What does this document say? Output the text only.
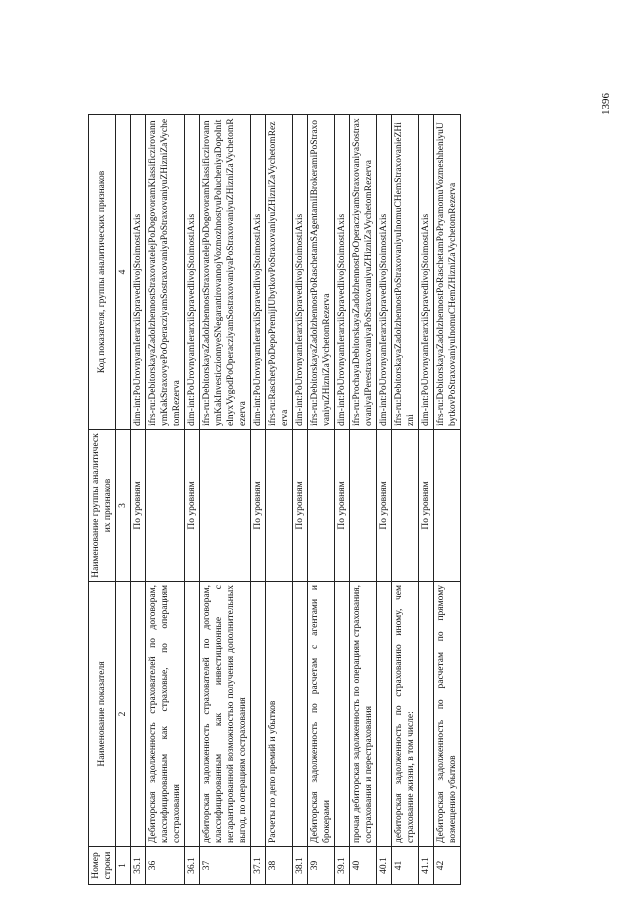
Номер строки	Наименование показателя	Наименование группы аналитических признаков	Код показателя, группы аналитических признаков
1	2	3	4
35.1		По уровням	dim-int:PoUrovnyamIerarxiiSpravedlivojStoimostiAxis
36	Дебиторская задолженность страхователей по договорам, классифицированным как страховые, по операциям сострахования		ifrs-ru:DebitorskayaZadolzhennostStraxovatelejPoDogovoramKlassificzirovannymKakStraxovyePoOperacziyamSostraxovaniyaPoStraxovaniyuZHizniZaVychetomRezerva
36.1		По уровням	dim-int:PoUrovnyamIerarxiiSpravedlivojStoimostiAxis
37	дебиторская задолженность страхователей по договорам, классифицированным как инвестиционные с негарантированной возможностью получения дополнительных выгод, по операциям сострахования		ifrs-ru:DebitorskayaZadolzhennostStraxovatelejPoDogovoramKlassificzirovannymKakInvesticzionnyeSNegarantirovannojVozmozhnostyuPolucheniyaDopolnitelnyxVygodPoOperacziyamSostraxovaniyaPoStraxovaniyuZHizniZaVychetomRezerva
37.1		По уровням	dim-int:PoUrovnyamIerarxiiSpravedlivojStoimostiAxis
38	Расчеты по депо премий и убытков		ifrs-ru:RaschetyPoDepoPremijIUbytkovPoStraxovaniyuZHizniZaVychetomRezerva
38.1		По уровням	dim-int:PoUrovnyamIerarxiiSpravedlivojStoimostiAxis
39	Дебиторская задолженность по расчетам с агентами и брокерами		ifrs-ru:DebitorskayaZadolzhennostPoRaschetamSAgentamiIBrokeramiPoStraxovaniyuZHizniZaVychetomRezerva
39.1		По уровням	dim-int:PoUrovnyamIerarxiiSpravedlivojStoimostiAxis
40	прочая дебиторская задолженность по операциям страхования, сострахования и перестрахования		ifrs-ru:ProchayaDebitorskayaZadolzhennostPoOperacziyamStraxovaniyaSostraxovaniyaIPerestraxovaniyaPoStraxovaniyuZHizniZaVychetomRezerva
40.1		По уровням	dim-int:PoUrovnyamIerarxiiSpravedlivojStoimostiAxis
41	дебиторская задолженность по страхованию иному, чем страхование жизни, в том числе:		ifrs-ru:DebitorskayaZadolzhennostPoStraxovaniyuInomuCHemStraxovanieZHizni
41.1		По уровням	dim-int:PoUrovnyamIerarxiiSpravedlivojStoimostiAxis
42	Дебиторская задолженность по расчетам по прямому возмещению убытков		ifrs-ru:DebitorskayaZadolzhennostPoRaschetamPoPryamomuVozmeshheniyuUbytkovPoStraxovaniyuInomuCHemZHizniZaVychetomRezerva
1396
